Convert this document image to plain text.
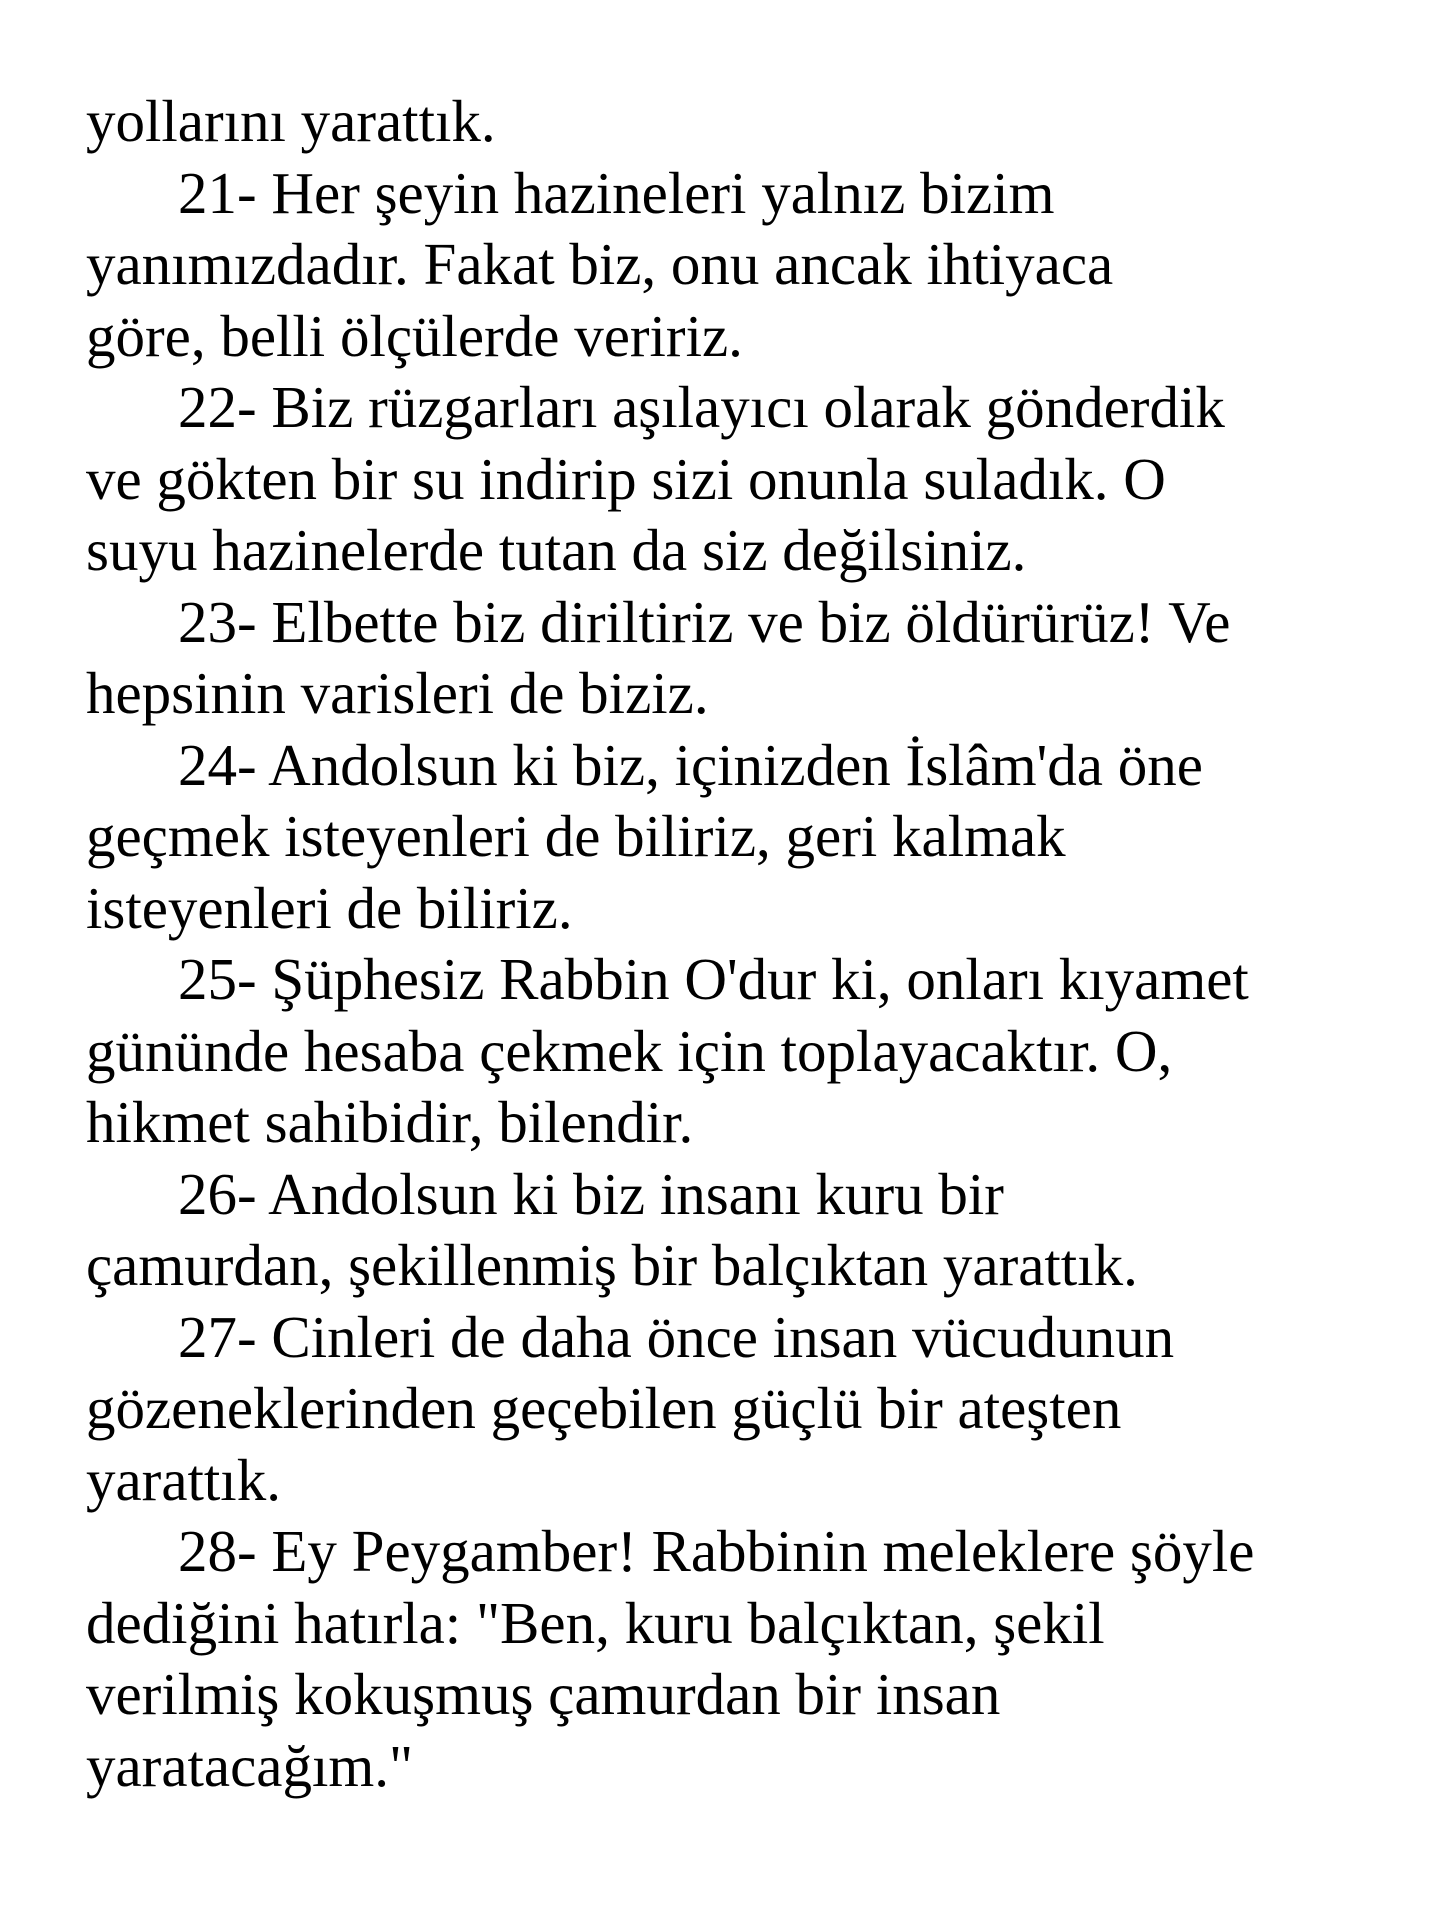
yollarını yarattık.

21- Her şeyin hazineleri yalnız bizim
yanımızdadır. Fakat biz, onu ancak ihtiyaca
göre, belli ölçülerde veririz.

22- Biz rüzgarları aşılayıcı olarak gönderdik
ve gökten bir su indirip sizi onunla suladık. O
suyu hazinelerde tutan da siz değilsiniz.

23- Elbette biz diriltiriz ve biz öldürürüz! Ve
hepsinin varisleri de biziz.

24- Andolsun ki biz, içinizden İslâm'da öne
geçmek isteyenleri de biliriz, geri kalmak
isteyenleri de biliriz.

25- Şüphesiz Rabbin O'dur ki, onları kıyamet
gününde hesaba çekmek için toplayacaktır. O,
hikmet sahibidir, bilendir.

26- Andolsun ki biz insanı kuru bir
çamurdan, şekillenmiş bir balçıktan yarattık.

27- Cinleri de daha önce insan vücudunun
gözeneklerinden geçebilen güçlü bir ateşten
yarattık.

28- Ey Peygamber! Rabbinin meleklere şöyle
dediğini hatırla: "Ben, kuru balçıktan, şekil
verilmiş kokuşmuş çamurdan bir insan
yaratacağım."
